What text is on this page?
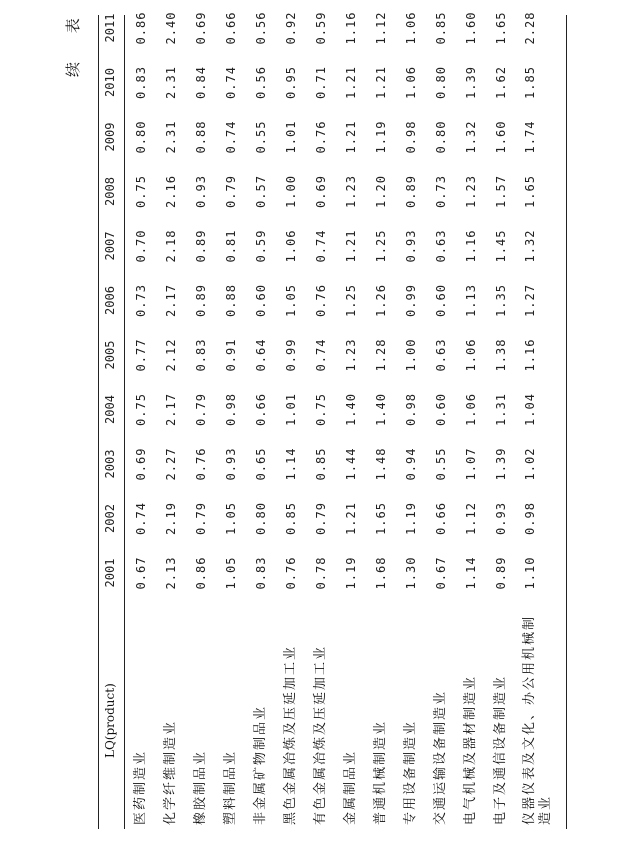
续 表
LQ(product)
2001
2002
2003
2004
2005
2006
2007
2008
2009
2010
2011
医药制造业
0.67
0.74
0.69
0.75
0.77
0.73
0.70
0.75
0.80
0.83
0.86
化学纤维制造业
2.13
2.19
2.27
2.17
2.12
2.17
2.18
2.16
2.31
2.31
2.40
橡胶制品业
0.86
0.79
0.76
0.79
0.83
0.89
0.89
0.93
0.88
0.84
0.69
塑料制品业
1.05
1.05
0.93
0.98
0.91
0.88
0.81
0.79
0.74
0.74
0.66
非金属矿物制品业
0.83
0.80
0.65
0.66
0.64
0.60
0.59
0.57
0.55
0.56
0.56
黑色金属冶炼及压延加工业
0.76
0.85
1.14
1.01
0.99
1.05
1.06
1.00
1.01
0.95
0.92
有色金属冶炼及压延加工业
0.78
0.79
0.85
0.75
0.74
0.76
0.74
0.69
0.76
0.71
0.59
金属制品业
1.19
1.21
1.44
1.40
1.23
1.25
1.21
1.23
1.21
1.21
1.16
普通机械制造业
1.68
1.65
1.48
1.40
1.28
1.26
1.25
1.20
1.19
1.21
1.12
专用设备制造业
1.30
1.19
0.94
0.98
1.00
0.99
0.93
0.89
0.98
1.06
1.06
交通运输设备制造业
0.67
0.66
0.55
0.60
0.63
0.60
0.63
0.73
0.80
0.80
0.85
电气机械及器材制造业
1.14
1.12
1.07
1.06
1.06
1.13
1.16
1.23
1.32
1.39
1.60
电子及通信设备制造业
0.89
0.93
1.39
1.31
1.38
1.35
1.45
1.57
1.60
1.62
1.65
仪器仪表及文化、办公用机械制造业
1.10
0.98
1.02
1.04
1.16
1.27
1.32
1.65
1.74
1.85
2.28
